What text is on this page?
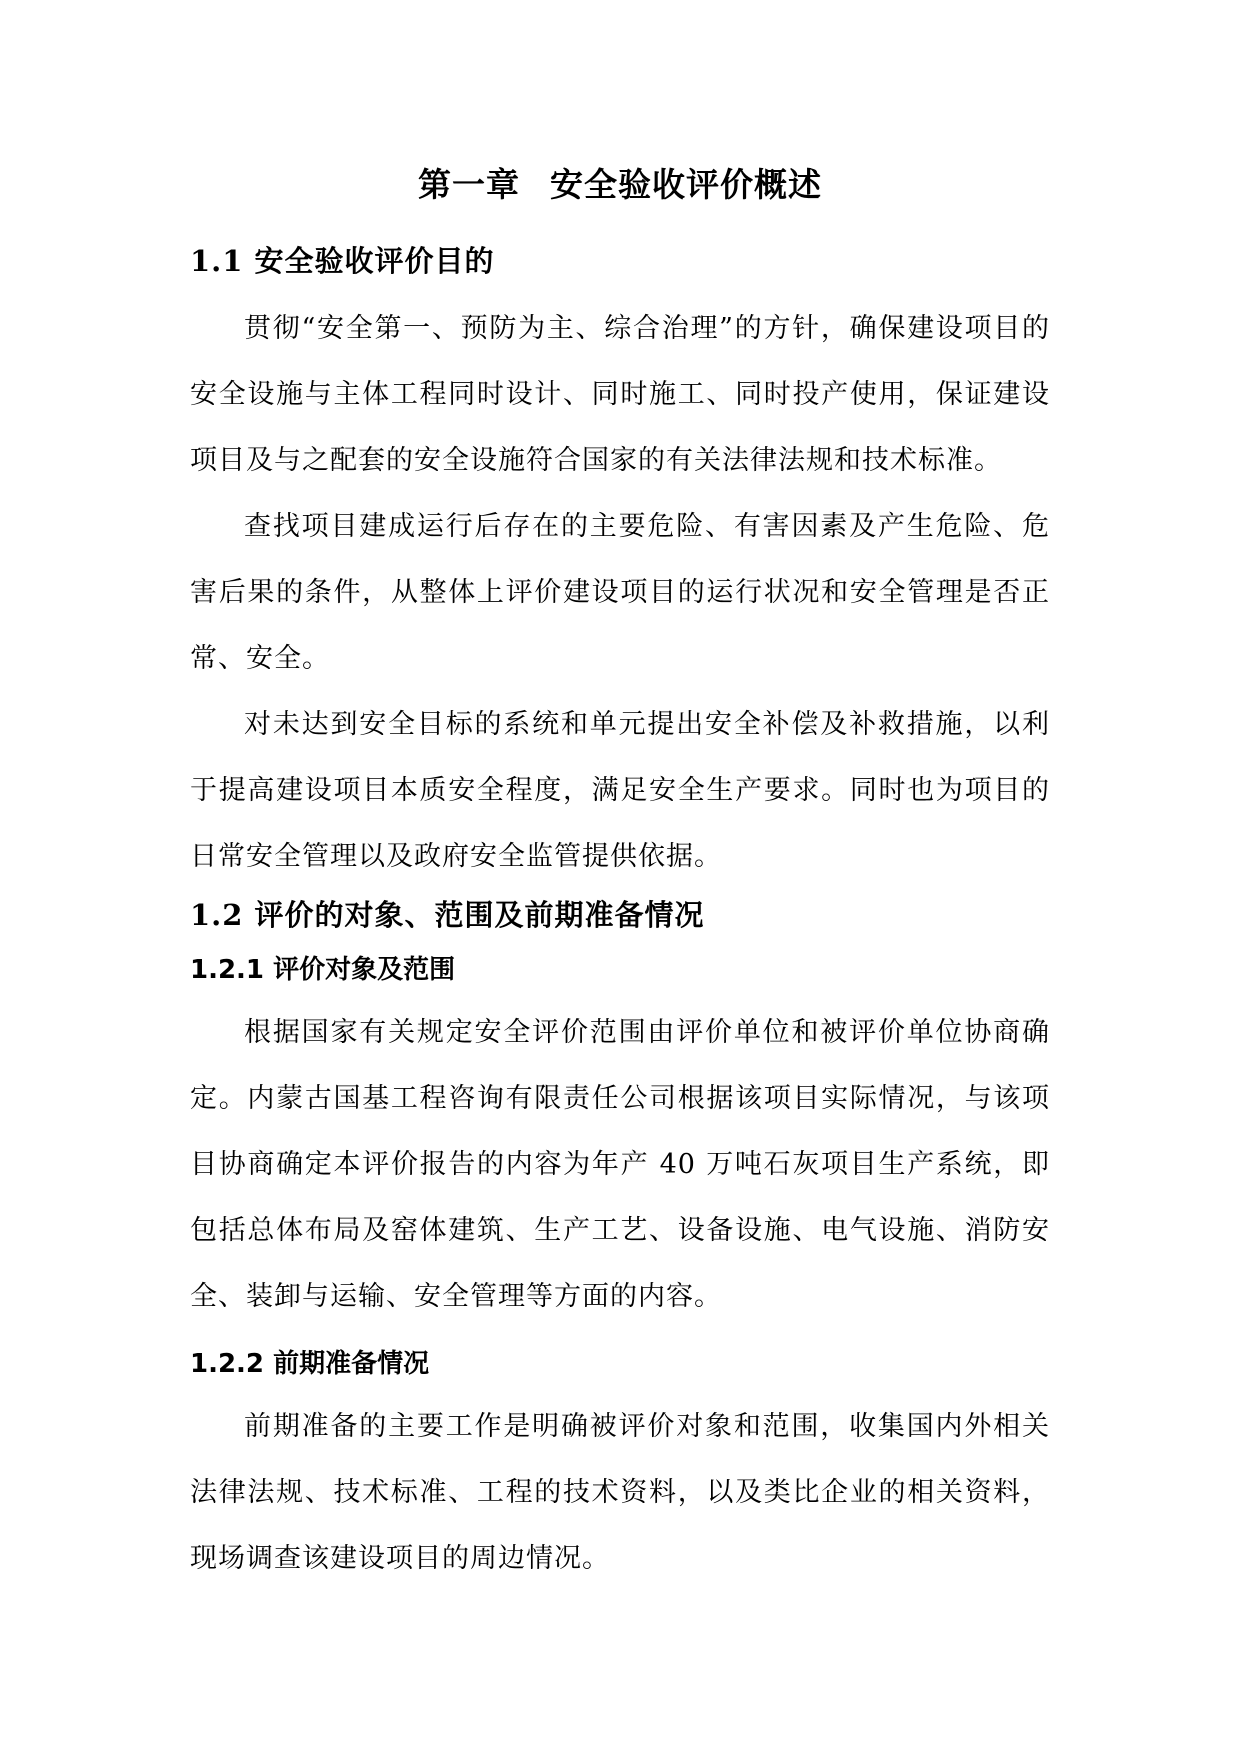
第一章 安全验收评价概述
1.1 安全验收评价目的

贯彻“安全第一、预防为主、综合治理”的方针，确保建设项目的安全设施与主体工程同时设计、同时施工、同时投产使用，保证建设项目及与之配套的安全设施符合国家的有关法律法规和技术标准。

查找项目建成运行后存在的主要危险、有害因素及产生危险、危害后果的条件，从整体上评价建设项目的运行状况和安全管理是否正常、安全。

对未达到安全目标的系统和单元提出安全补偿及补救措施，以利于提高建设项目本质安全程度，满足安全生产要求。同时也为项目的日常安全管理以及政府安全监管提供依据。

1.2 评价的对象、范围及前期准备情况
1.2.1 评价对象及范围

根据国家有关规定安全评价范围由评价单位和被评价单位协商确定。内蒙古国基工程咨询有限责任公司根据该项目实际情况，与该项目协商确定本评价报告的内容为年产 40 万吨石灰项目生产系统，即包括总体布局及窑体建筑、生产工艺、设备设施、电气设施、消防安全、装卸与运输、安全管理等方面的内容。

1.2.2 前期准备情况

前期准备的主要工作是明确被评价对象和范围，收集国内外相关法律法规、技术标准、工程的技术资料，以及类比企业的相关资料，现场调查该建设项目的周边情况。
